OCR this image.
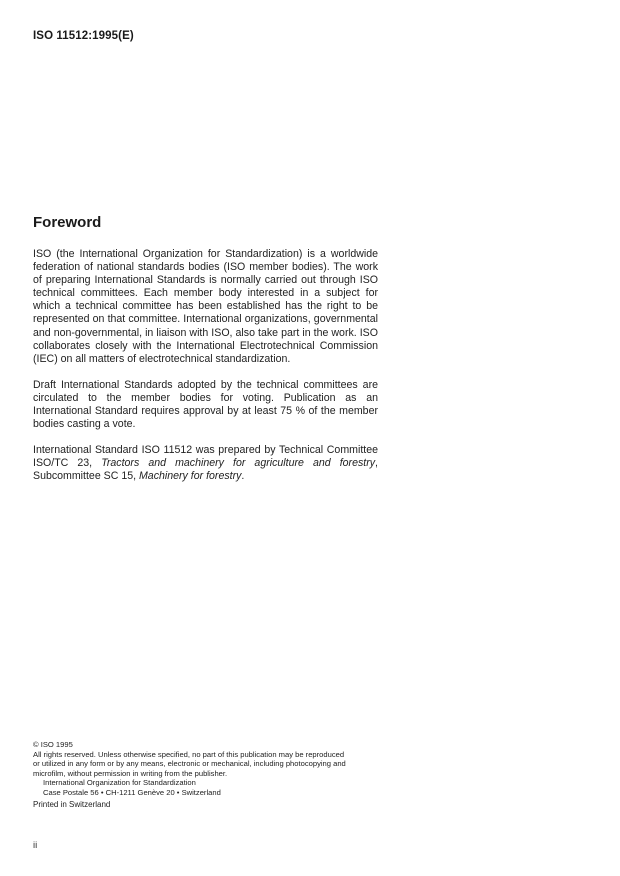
ISO 11512:1995(E)
Foreword

ISO (the International Organization for Standardization) is a worldwide federation of national standards bodies (ISO member bodies). The work of preparing International Standards is normally carried out through ISO technical committees. Each member body interested in a subject for which a technical committee has been established has the right to be represented on that committee. International organizations, governmental and non-governmental, in liaison with ISO, also take part in the work. ISO collaborates closely with the International Electrotechnical Commission (IEC) on all matters of electrotechnical standardization.

Draft International Standards adopted by the technical committees are circulated to the member bodies for voting. Publication as an International Standard requires approval by at least 75 % of the member bodies casting a vote.

International Standard ISO 11512 was prepared by Technical Committee ISO/TC 23, Tractors and machinery for agriculture and forestry, Subcommittee SC 15, Machinery for forestry.

© ISO 1995
All rights reserved. Unless otherwise specified, no part of this publication may be reproduced
or utilized in any form or by any means, electronic or mechanical, including photocopying and
microfilm, without permission in writing from the publisher.
International Organization for Standardization
Case Postale 56 • CH-1211 Genève 20 • Switzerland
Printed in Switzerland
ii
